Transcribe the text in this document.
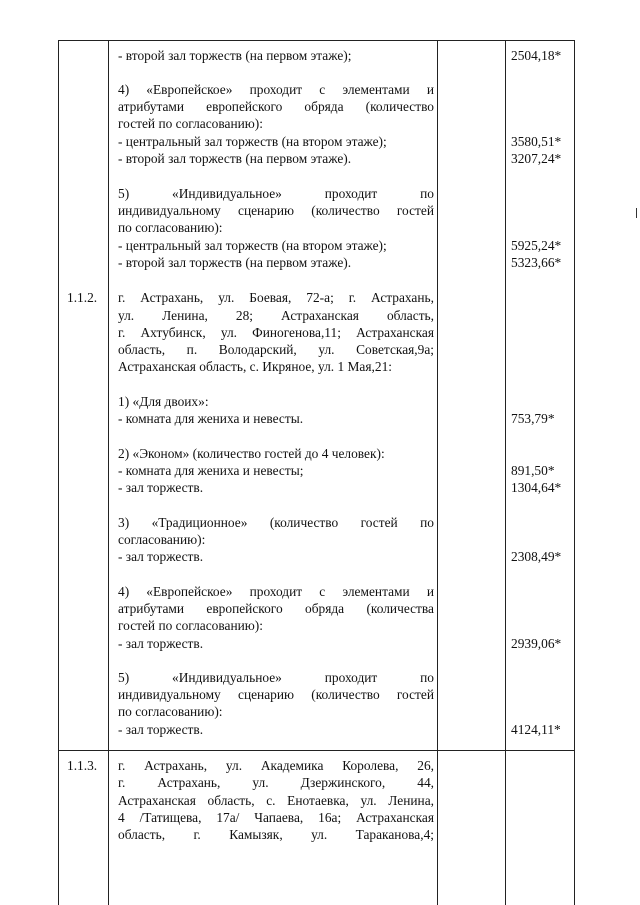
- второй зал торжеств (на первом этаже);	2504,18*
4) «Европейское» проходит с элементами и
атрибутами европейского обряда (количество
гостей по согласованию):
- центральный зал торжеств (на втором этаже);	3580,51*
- второй зал торжеств (на первом этаже).	3207,24*
5) «Индивидуальное» проходит по
индивидуальному сценарию (количество гостей
по согласованию):
- центральный зал торжеств (на втором этаже);	5925,24*
- второй зал торжеств (на первом этаже).	5323,66*
1.1.2.	г. Астрахань, ул. Боевая, 72-а; г. Астрахань,
ул. Ленина, 28; Астраханская область,
г. Ахтубинск, ул. Финогенова,11; Астраханская
область, п. Володарский, ул. Советская,9а;
Астраханская область, с. Икряное, ул. 1 Мая,21:
1) «Для двоих»:
- комната для жениха и невесты.	753,79*
2) «Эконом» (количество гостей до 4 человек):
- комната для жениха и невесты;	891,50*
- зал торжеств.	1304,64*
3) «Традиционное» (количество гостей по
согласованию):
- зал торжеств.	2308,49*
4) «Европейское» проходит с элементами и
атрибутами европейского обряда (количества
гостей по согласованию):
- зал торжеств.	2939,06*
5) «Индивидуальное» проходит по
индивидуальному сценарию (количество гостей
по согласованию):
- зал торжеств.	4124,11*
1.1.3.	г. Астрахань, ул. Академика Королева, 26,
г. Астрахань, ул. Дзержинского, 44,
Астраханская область, с. Енотаевка, ул. Ленина,
4 /Татищева, 17а/ Чапаева, 16а; Астраханская
область, г. Камызяк, ул. Тараканова,4;
